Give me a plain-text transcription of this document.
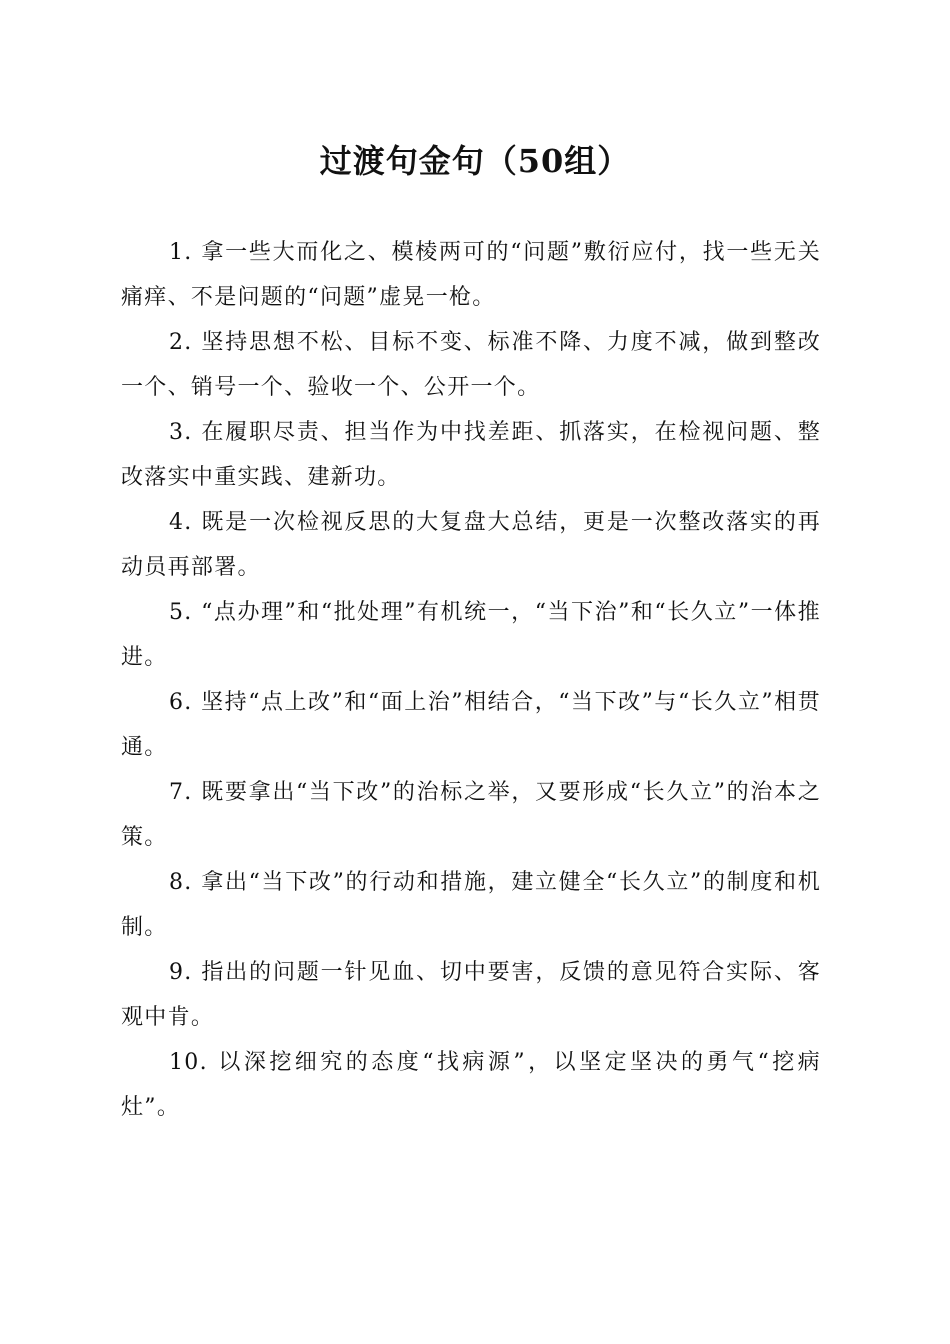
过渡句金句（50组）

1. 拿一些大而化之、模棱两可的“问题”敷衍应付，找一些无关痛痒、不是问题的“问题”虚晃一枪。

2. 坚持思想不松、目标不变、标准不降、力度不减，做到整改一个、销号一个、验收一个、公开一个。

3. 在履职尽责、担当作为中找差距、抓落实，在检视问题、整改落实中重实践、建新功。

4. 既是一次检视反思的大复盘大总结，更是一次整改落实的再动员再部署。

5. “点办理”和“批处理”有机统一，“当下治”和“长久立”一体推进。

6. 坚持“点上改”和“面上治”相结合，“当下改”与“长久立”相贯通。

7. 既要拿出“当下改”的治标之举，又要形成“长久立”的治本之策。

8. 拿出“当下改”的行动和措施，建立健全“长久立”的制度和机制。

9. 指出的问题一针见血、切中要害，反馈的意见符合实际、客观中肯。

10. 以深挖细究的态度“找病源”，以坚定坚决的勇气“挖病灶”。
